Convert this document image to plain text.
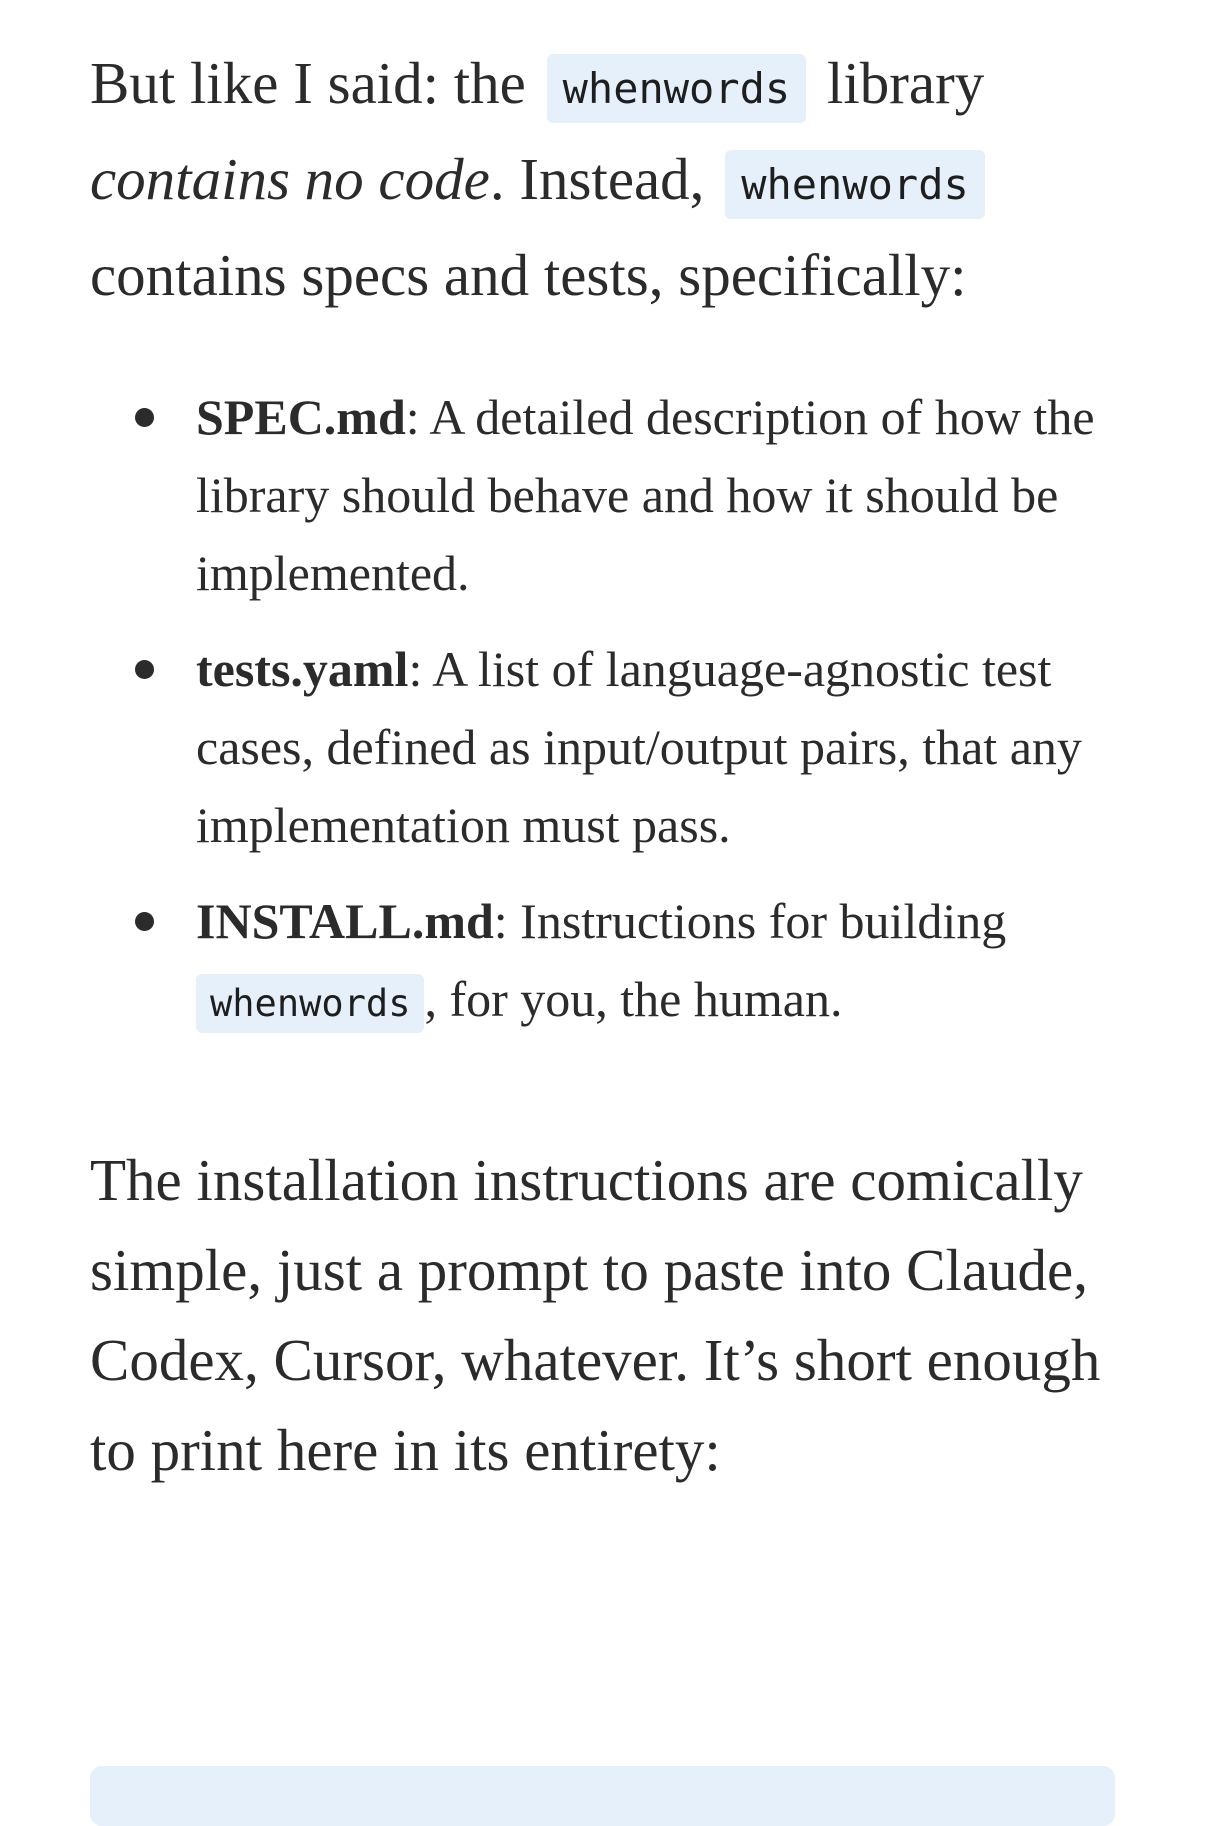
But like I said: the whenwords library contains no code. Instead, whenwords contains specs and tests, specifically:

SPEC.md: A detailed description of how the library should behave and how it should be implemented.
tests.yaml: A list of language-agnostic test cases, defined as input/output pairs, that any implementation must pass.
INSTALL.md: Instructions for building whenwords , for you, the human.

The installation instructions are comically simple, just a prompt to paste into Claude, Codex, Cursor, whatever. It’s short enough to print here in its entirety:
